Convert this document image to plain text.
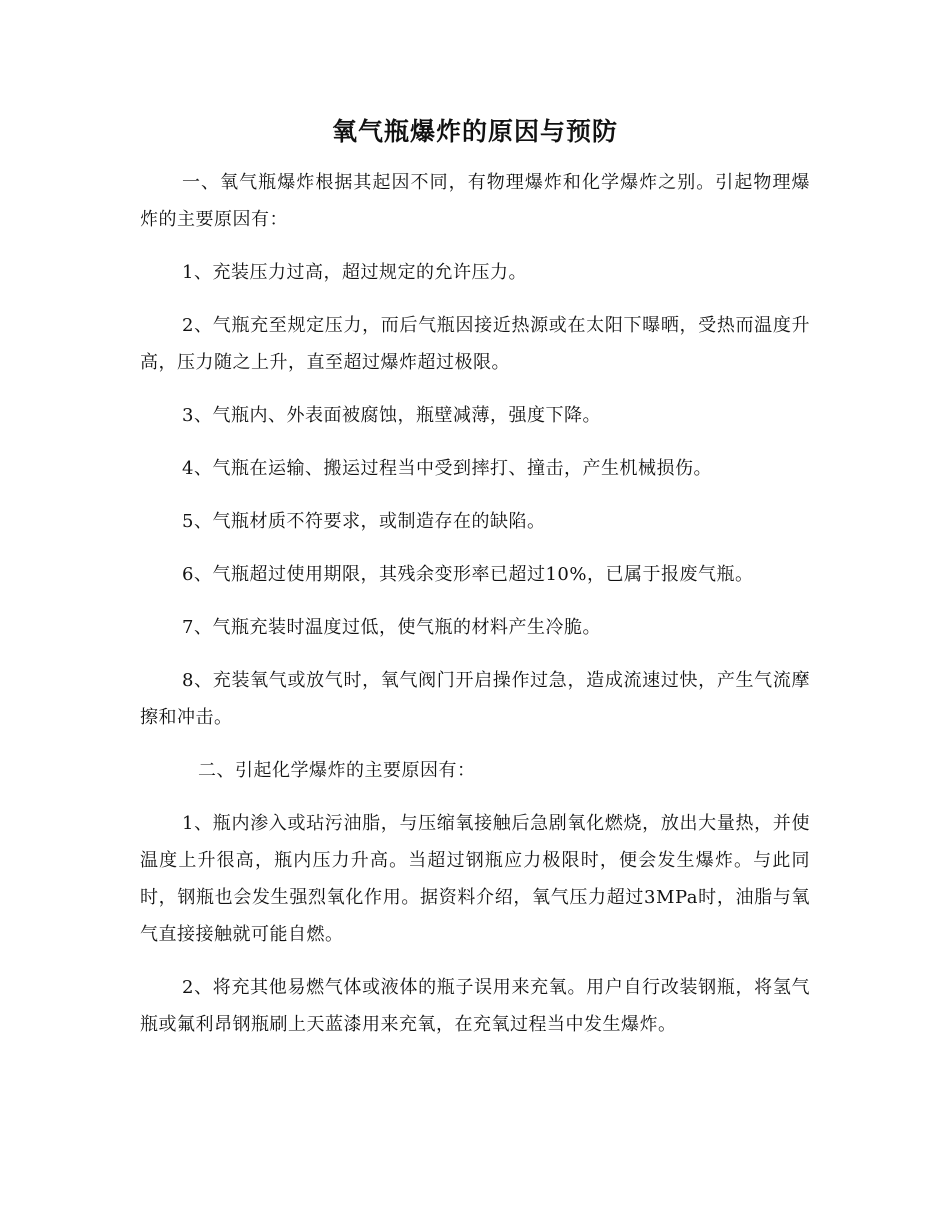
氧气瓶爆炸的原因与预防

一、氧气瓶爆炸根据其起因不同，有物理爆炸和化学爆炸之别。引起物理爆炸的主要原因有：

1、充装压力过高，超过规定的允许压力。

2、气瓶充至规定压力，而后气瓶因接近热源或在太阳下曝晒，受热而温度升高，压力随之上升，直至超过爆炸超过极限。

3、气瓶内、外表面被腐蚀，瓶壁减薄，强度下降。

4、气瓶在运输、搬运过程当中受到摔打、撞击，产生机械损伤。

5、气瓶材质不符要求，或制造存在的缺陷。

6、气瓶超过使用期限，其残余变形率已超过10%，已属于报废气瓶。

7、气瓶充装时温度过低，使气瓶的材料产生冷脆。

8、充装氧气或放气时，氧气阀门开启操作过急，造成流速过快，产生气流摩擦和冲击。

二、引起化学爆炸的主要原因有：

1、瓶内渗入或玷污油脂，与压缩氧接触后急剧氧化燃烧，放出大量热，并使温度上升很高，瓶内压力升高。当超过钢瓶应力极限时，便会发生爆炸。与此同时，钢瓶也会发生强烈氧化作用。据资料介绍，氧气压力超过3MPa时，油脂与氧气直接接触就可能自燃。

2、将充其他易燃气体或液体的瓶子误用来充氧。用户自行改装钢瓶，将氢气瓶或氟利昂钢瓶刷上天蓝漆用来充氧，在充氧过程当中发生爆炸。
